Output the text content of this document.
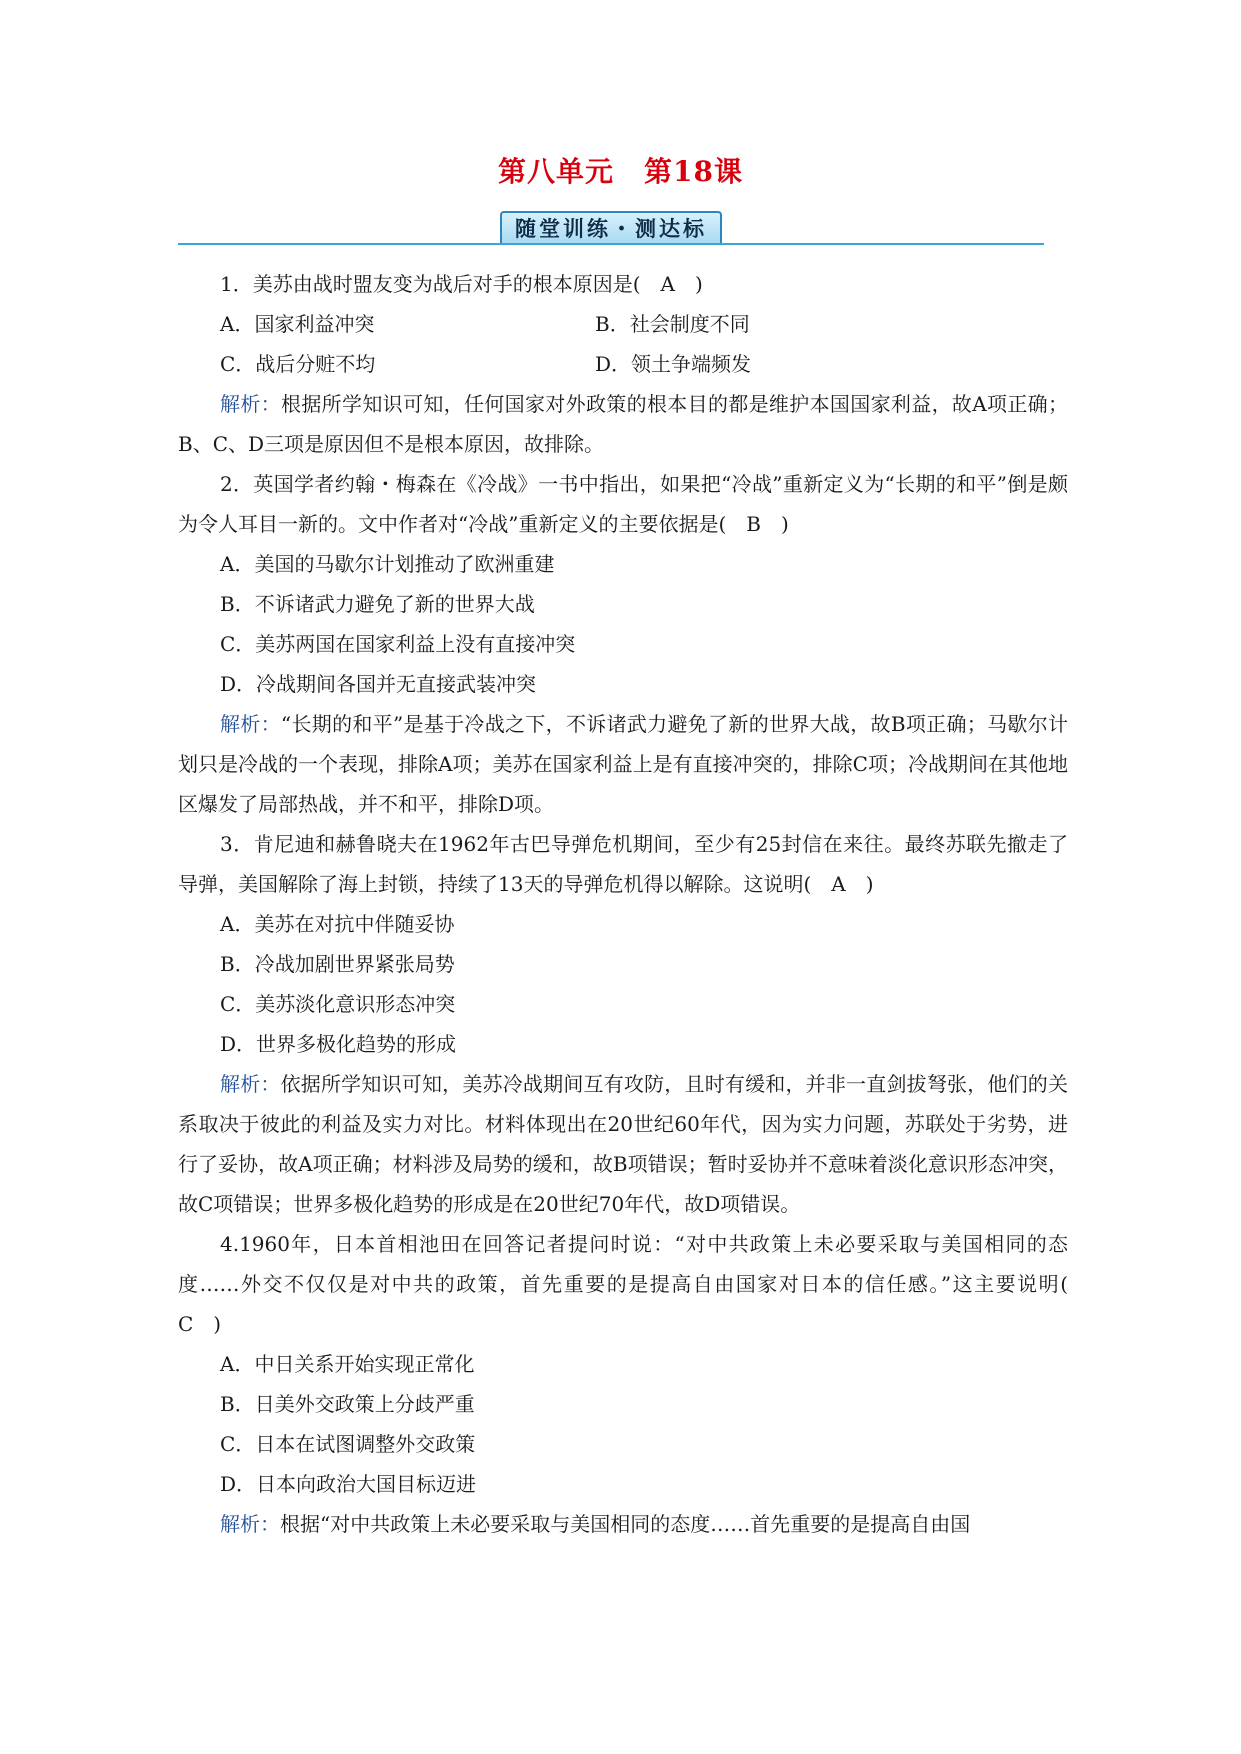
第八单元 第18课
随堂训练・测达标

1．美苏由战时盟友变为战后对手的根本原因是(　A　)

A．国家利益冲突	B．社会制度不同
C．战后分赃不均	D．领土争端频发

解析：根据所学知识可知，任何国家对外政策的根本目的都是维护本国国家利益，故A项正确；B、C、D三项是原因但不是根本原因，故排除。

2．英国学者约翰・梅森在《冷战》一书中指出，如果把“冷战”重新定义为“长期的和平”倒是颇为令人耳目一新的。文中作者对“冷战”重新定义的主要依据是(　B　)

A．美国的马歇尔计划推动了欧洲重建

B．不诉诸武力避免了新的世界大战

C．美苏两国在国家利益上没有直接冲突

D．冷战期间各国并无直接武装冲突

解析：“长期的和平”是基于冷战之下，不诉诸武力避免了新的世界大战，故B项正确；马歇尔计划只是冷战的一个表现，排除A项；美苏在国家利益上是有直接冲突的，排除C项；冷战期间在其他地区爆发了局部热战，并不和平，排除D项。

3．肯尼迪和赫鲁晓夫在1962年古巴导弹危机期间，至少有25封信在来往。最终苏联先撤走了导弹，美国解除了海上封锁，持续了13天的导弹危机得以解除。这说明(　A　)

A．美苏在对抗中伴随妥协

B．冷战加剧世界紧张局势

C．美苏淡化意识形态冲突

D．世界多极化趋势的形成

解析：依据所学知识可知，美苏冷战期间互有攻防，且时有缓和，并非一直剑拔弩张，他们的关系取决于彼此的利益及实力对比。材料体现出在20世纪60年代，因为实力问题，苏联处于劣势，进行了妥协，故A项正确；材料涉及局势的缓和，故B项错误；暂时妥协并不意味着淡化意识形态冲突，故C项错误；世界多极化趋势的形成是在20世纪70年代，故D项错误。

4.1960年，日本首相池田在回答记者提问时说：“对中共政策上未必要采取与美国相同的态度……外交不仅仅是对中共的政策，首先重要的是提高自由国家对日本的信任感。”这主要说明(　C　)

A．中日关系开始实现正常化

B．日美外交政策上分歧严重

C．日本在试图调整外交政策

D．日本向政治大国目标迈进

解析：根据“对中共政策上未必要采取与美国相同的态度……首先重要的是提高自由国
